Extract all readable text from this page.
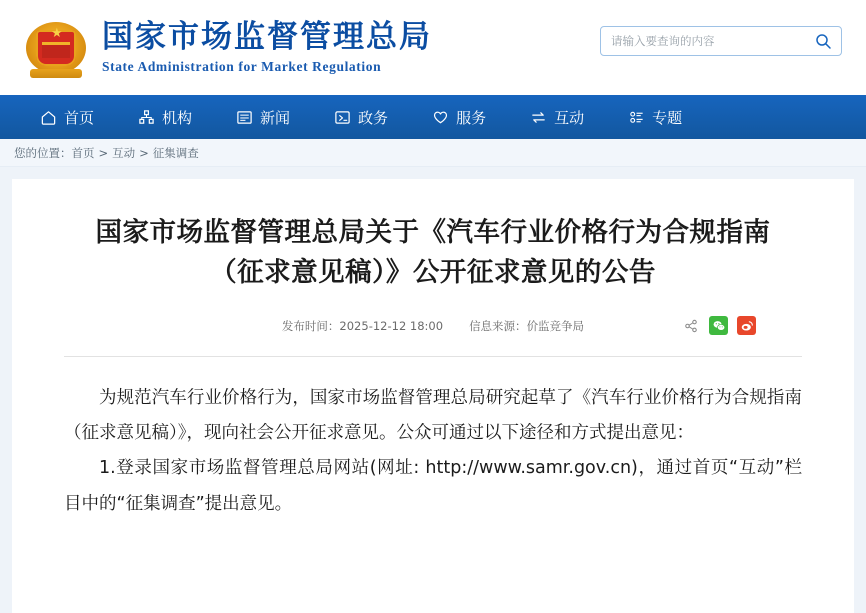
★ 国家市场监督管理总局
State Administration for Market Regulation
请输入要查询的内容
首页	机构	新闻	政务	服务	互动	专题
您的位置： 首页 > 互动 > 征集调查
国家市场监督管理总局关于《汽车行业价格行为合规指南（征求意见稿）》公开征求意见的公告
发布时间：2025-12-12 18:00 信息来源：价监竞争局

为规范汽车行业价格行为，国家市场监督管理总局研究起草了《汽车行业价格行为合规指南（征求意见稿）》，现向社会公开征求意见。公众可通过以下途径和方式提出意见：

1.登录国家市场监督管理总局网站(网址: http://www.samr.gov.cn)，通过首页“互动”栏目中的“征集调查”提出意见。
